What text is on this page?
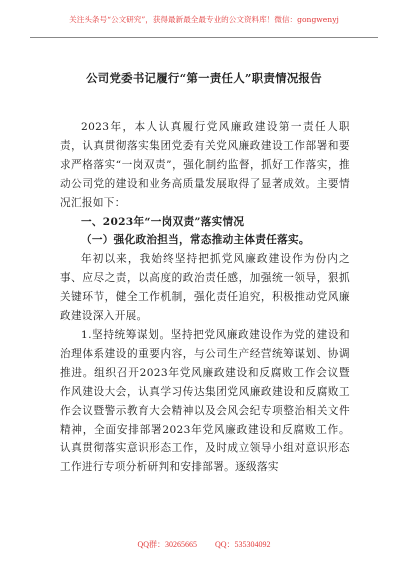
关注头条号“公文研究”，获得最新最全最专业的公文资料库！微信：gongwenyj
公司党委书记履行“第一责任人”职责情况报告

2023年，本人认真履行党风廉政建设第一责任人职责，认真贯彻落实集团党委有关党风廉政建设工作部署和要求严格落实“一岗双责”，强化制约监督，抓好工作落实，推动公司党的建设和业务高质量发展取得了显著成效。主要情况汇报如下：

一、2023年“一岗双责”落实情况
（一）强化政治担当，常态推动主体责任落实。

年初以来，我始终坚持把抓党风廉政建设作为份内之事、应尽之责，以高度的政治责任感，加强统一领导，狠抓关键环节，健全工作机制，强化责任追究，积极推动党风廉政建设深入开展。

1.坚持统筹谋划。坚持把党风廉政建设作为党的建设和治理体系建设的重要内容，与公司生产经营统筹谋划、协调推进。组织召开2023年党风廉政建设和反腐败工作会议暨作风建设大会，认真学习传达集团党风廉政建设和反腐败工作会议暨警示教育大会精神以及会风会纪专项整治相关文件精神，全面安排部署2023年党风廉政建设和反腐败工作。认真贯彻落实意识形态工作，及时成立领导小组对意识形态工作进行专项分析研判和安排部署。逐级落实

QQ群：30265665 QQ：535304092
